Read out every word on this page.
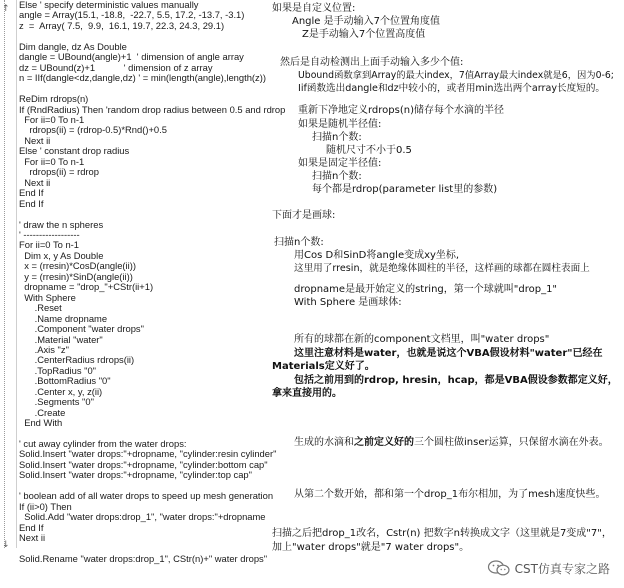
↑
↓
Else ' specify deterministic values manually
angle = Array(15.1, -18.8,  -22.7, 5.5, 17.2, -13.7, -3.1)
z  =  Array( 7.5,  9.9,  16.1, 19.7, 22.3, 24.3, 29.1)

Dim dangle, dz As Double
dangle = UBound(angle)+1  ' dimension of angle array
dz = UBound(z)+1           ' dimension of z array
n = IIf(dangle<dz,dangle,dz) ' = min(length(angle),length(z))

ReDim rdrops(n)
If (RndRadius) Then 'random drop radius between 0.5 and rdrop
For ii=0 To n-1
rdrops(ii) = (rdrop-0.5)*Rnd()+0.5
Next ii
Else ' constant drop radius
For ii=0 To n-1
rdrops(ii) = rdrop
Next ii
End If
End If

' draw the n spheres
' ------------------
For ii=0 To n-1
Dim x, y As Double
x = (rresin)*CosD(angle(ii))
y = (rresin)*SinD(angle(ii))
dropname = "drop_"+CStr(ii+1)
With Sphere
.Reset
.Name dropname
.Component "water drops"
.Material "water"
.Axis "z"
.CenterRadius rdrops(ii)
.TopRadius "0"
.BottomRadius "0"
.Center x, y, z(ii)
.Segments "0"
.Create
End With

' cut away cylinder from the water drops:
Solid.Insert "water drops:"+dropname, "cylinder:resin cylinder"
Solid.Insert "water drops:"+dropname, "cylinder:bottom cap"
Solid.Insert "water drops:"+dropname, "cylinder:top cap"

' boolean add of all water drops to speed up mesh generation
If (ii>0) Then
Solid.Add "water drops:drop_1", "water drops:"+dropname
End If
Next ii

Solid.Rename "water drops:drop_1", CStr(n)+" water drops"
如果是自定义位置:
Angle 是手动输入7个位置角度值
Z是手动输入7个位置高度值
然后是自动检测出上面手动输入多少个值:
Ubound函数拿到Array的最大index，7值Array最大index就是6，因为0-6;
Iif函数选出dangle和dz中较小的，或者用min选出两个array长度短的。
重新下净地定义rdrops(n)储存每个水滴的半径
如果是随机半径值:
扫描n个数:
随机尺寸不小于0.5
如果是固定半径值:
扫描n个数:
每个都是rdrop(parameter list里的参数)
下面才是画球:
扫描n个数:
用Cos D和SinD将angle变成xy坐标,
这里用了rresin，就是绝缘体圆柱的半径，这样画的球都在圆柱表面上
dropname是最开始定义的string，第一个球就叫"drop_1"
With Sphere 是画球体:
所有的球都在新的component文档里，叫"water drops"
这里注意材料是water，也就是说这个VBA假设材料"water"已经在Materials定义好了。
包括之前用到的rdrop, hresin，hcap，都是VBA假设参数都定义好，拿来直接用的。
生成的水滴和之前定义好的三个圆柱做inser运算，只保留水滴在外表。
从第二个数开始，都和第一个drop_1布尔相加，为了mesh速度快些。
扫描之后把drop_1改名，Cstr(n) 把数字n转换成文字（这里就是7变成"7"，加上"water drops"就是"7 water drops"。
CST仿真专家之路
